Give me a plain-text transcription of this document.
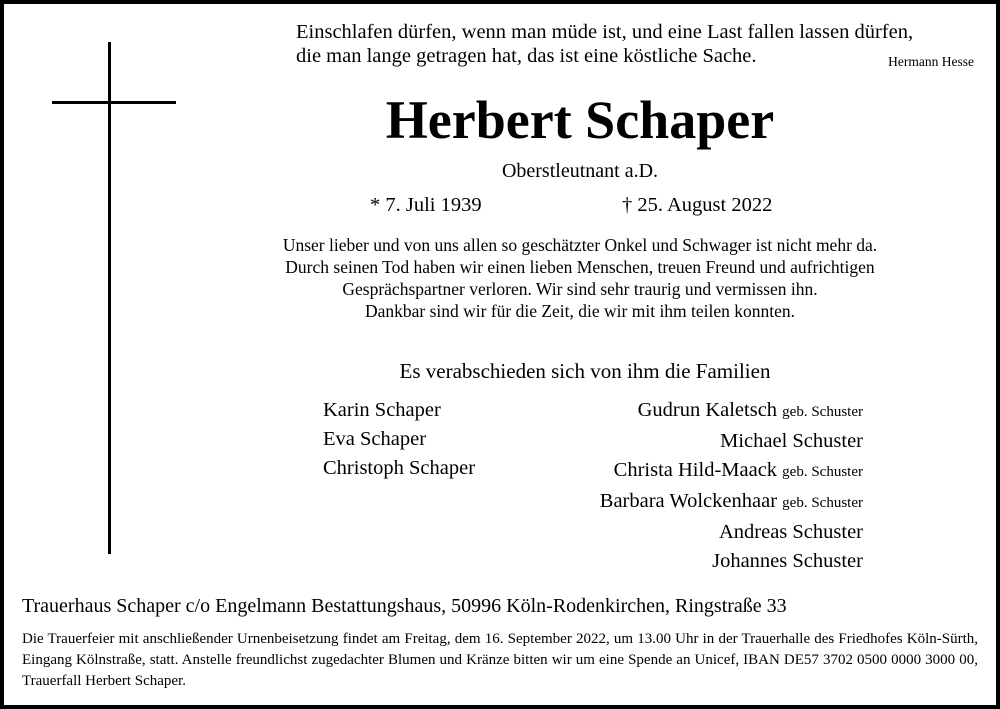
Einschlafen dürfen, wenn man müde ist, und eine Last fallen lassen dürfen,
die man lange getragen hat, das ist eine köstliche Sache.	Hermann Hesse
Herbert Schaper
Oberstleutnant a.D.
* 7. Juli 1939	† 25. August 2022
Unser lieber und von uns allen so geschätzter Onkel und Schwager ist nicht mehr da.
Durch seinen Tod haben wir einen lieben Menschen, treuen Freund und aufrichtigen
Gesprächspartner verloren. Wir sind sehr traurig und vermissen ihn.
Dankbar sind wir für die Zeit, die wir mit ihm teilen konnten.
Es verabschieden sich von ihm die Familien
Karin Schaper
Eva Schaper
Christoph Schaper
Gudrun Kaletsch geb. Schuster
Michael Schuster
Christa Hild-Maack geb. Schuster
Barbara Wolckenhaar geb. Schuster
Andreas Schuster
Johannes Schuster
Trauerhaus Schaper c/o Engelmann Bestattungshaus, 50996 Köln-Rodenkirchen, Ringstraße 33
Die Trauerfeier mit anschließender Urnenbeisetzung findet am Freitag, dem 16. September 2022, um 13.00 Uhr in der Trauerhalle des Friedhofes Köln-Sürth, Eingang Kölnstraße, statt. Anstelle freundlichst zugedachter Blumen und Kränze bitten wir um eine Spende an Unicef, IBAN DE57 3702 0500 0000 3000 00, Trauerfall Herbert Schaper.
